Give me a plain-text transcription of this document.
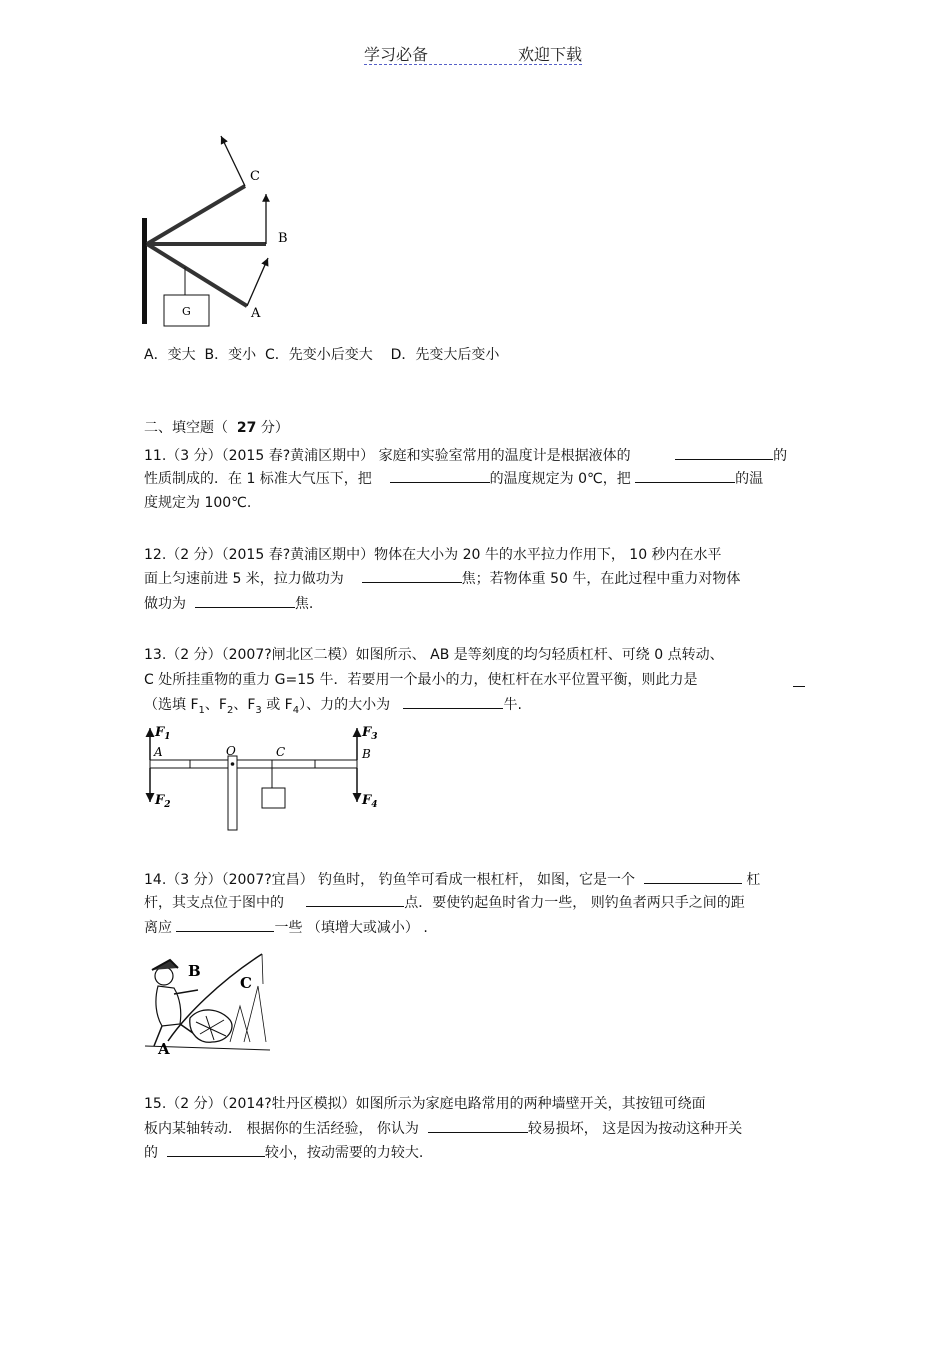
学习必备	欢迎下载
G
C
B
A
A．变大 B．变小 C．先变小后变大 D．先变大后变小
二、填空题（ 27 分）
11.（3 分）（2015 春?黄浦区期中） 家庭和实验室常用的温度计是根据液体的	的
性质制成的．在 1 标准大气压下，把	的温度规定为 0℃，把	的温
度规定为 100℃.
12.（2 分）（2015 春?黄浦区期中）物体在大小为 20 牛的水平拉力作用下， 10 秒内在水平
面上匀速前进 5 米，拉力做功为	焦；若物体重 50 牛，在此过程中重力对物体
做功为	焦.
13.（2 分）（2007?闸北区二模）如图所示、 AB 是等刻度的均匀轻质杠杆、可绕 0 点转动、
C 处所挂重物的重力 G=15 牛．若要用一个最小的力，使杠杆在水平位置平衡，则此力是
（选填 $F_1$、$F_2$、$F_3$ 或 $F_4$）、力的大小为	牛.
$F_1$
$F_2$
$F_3$
$F_4$
A	O	C	B
14.（3 分）（2007?宜昌） 钓鱼时， 钓鱼竿可看成一根杠杆， 如图，它是一个	杠
杆，其支点位于图中的	点．要使钓起鱼时省力一些， 则钓鱼者两只手之间的距
离应	一些 （填增大或减小） .
B
C
A
15.（2 分）（2014?牡丹区模拟）如图所示为家庭电路常用的两种墙壁开关，其按钮可绕面
板内某轴转动． 根据你的生活经验， 你认为	较易损坏， 这是因为按动这种开关
的	较小，按动需要的力较大.
